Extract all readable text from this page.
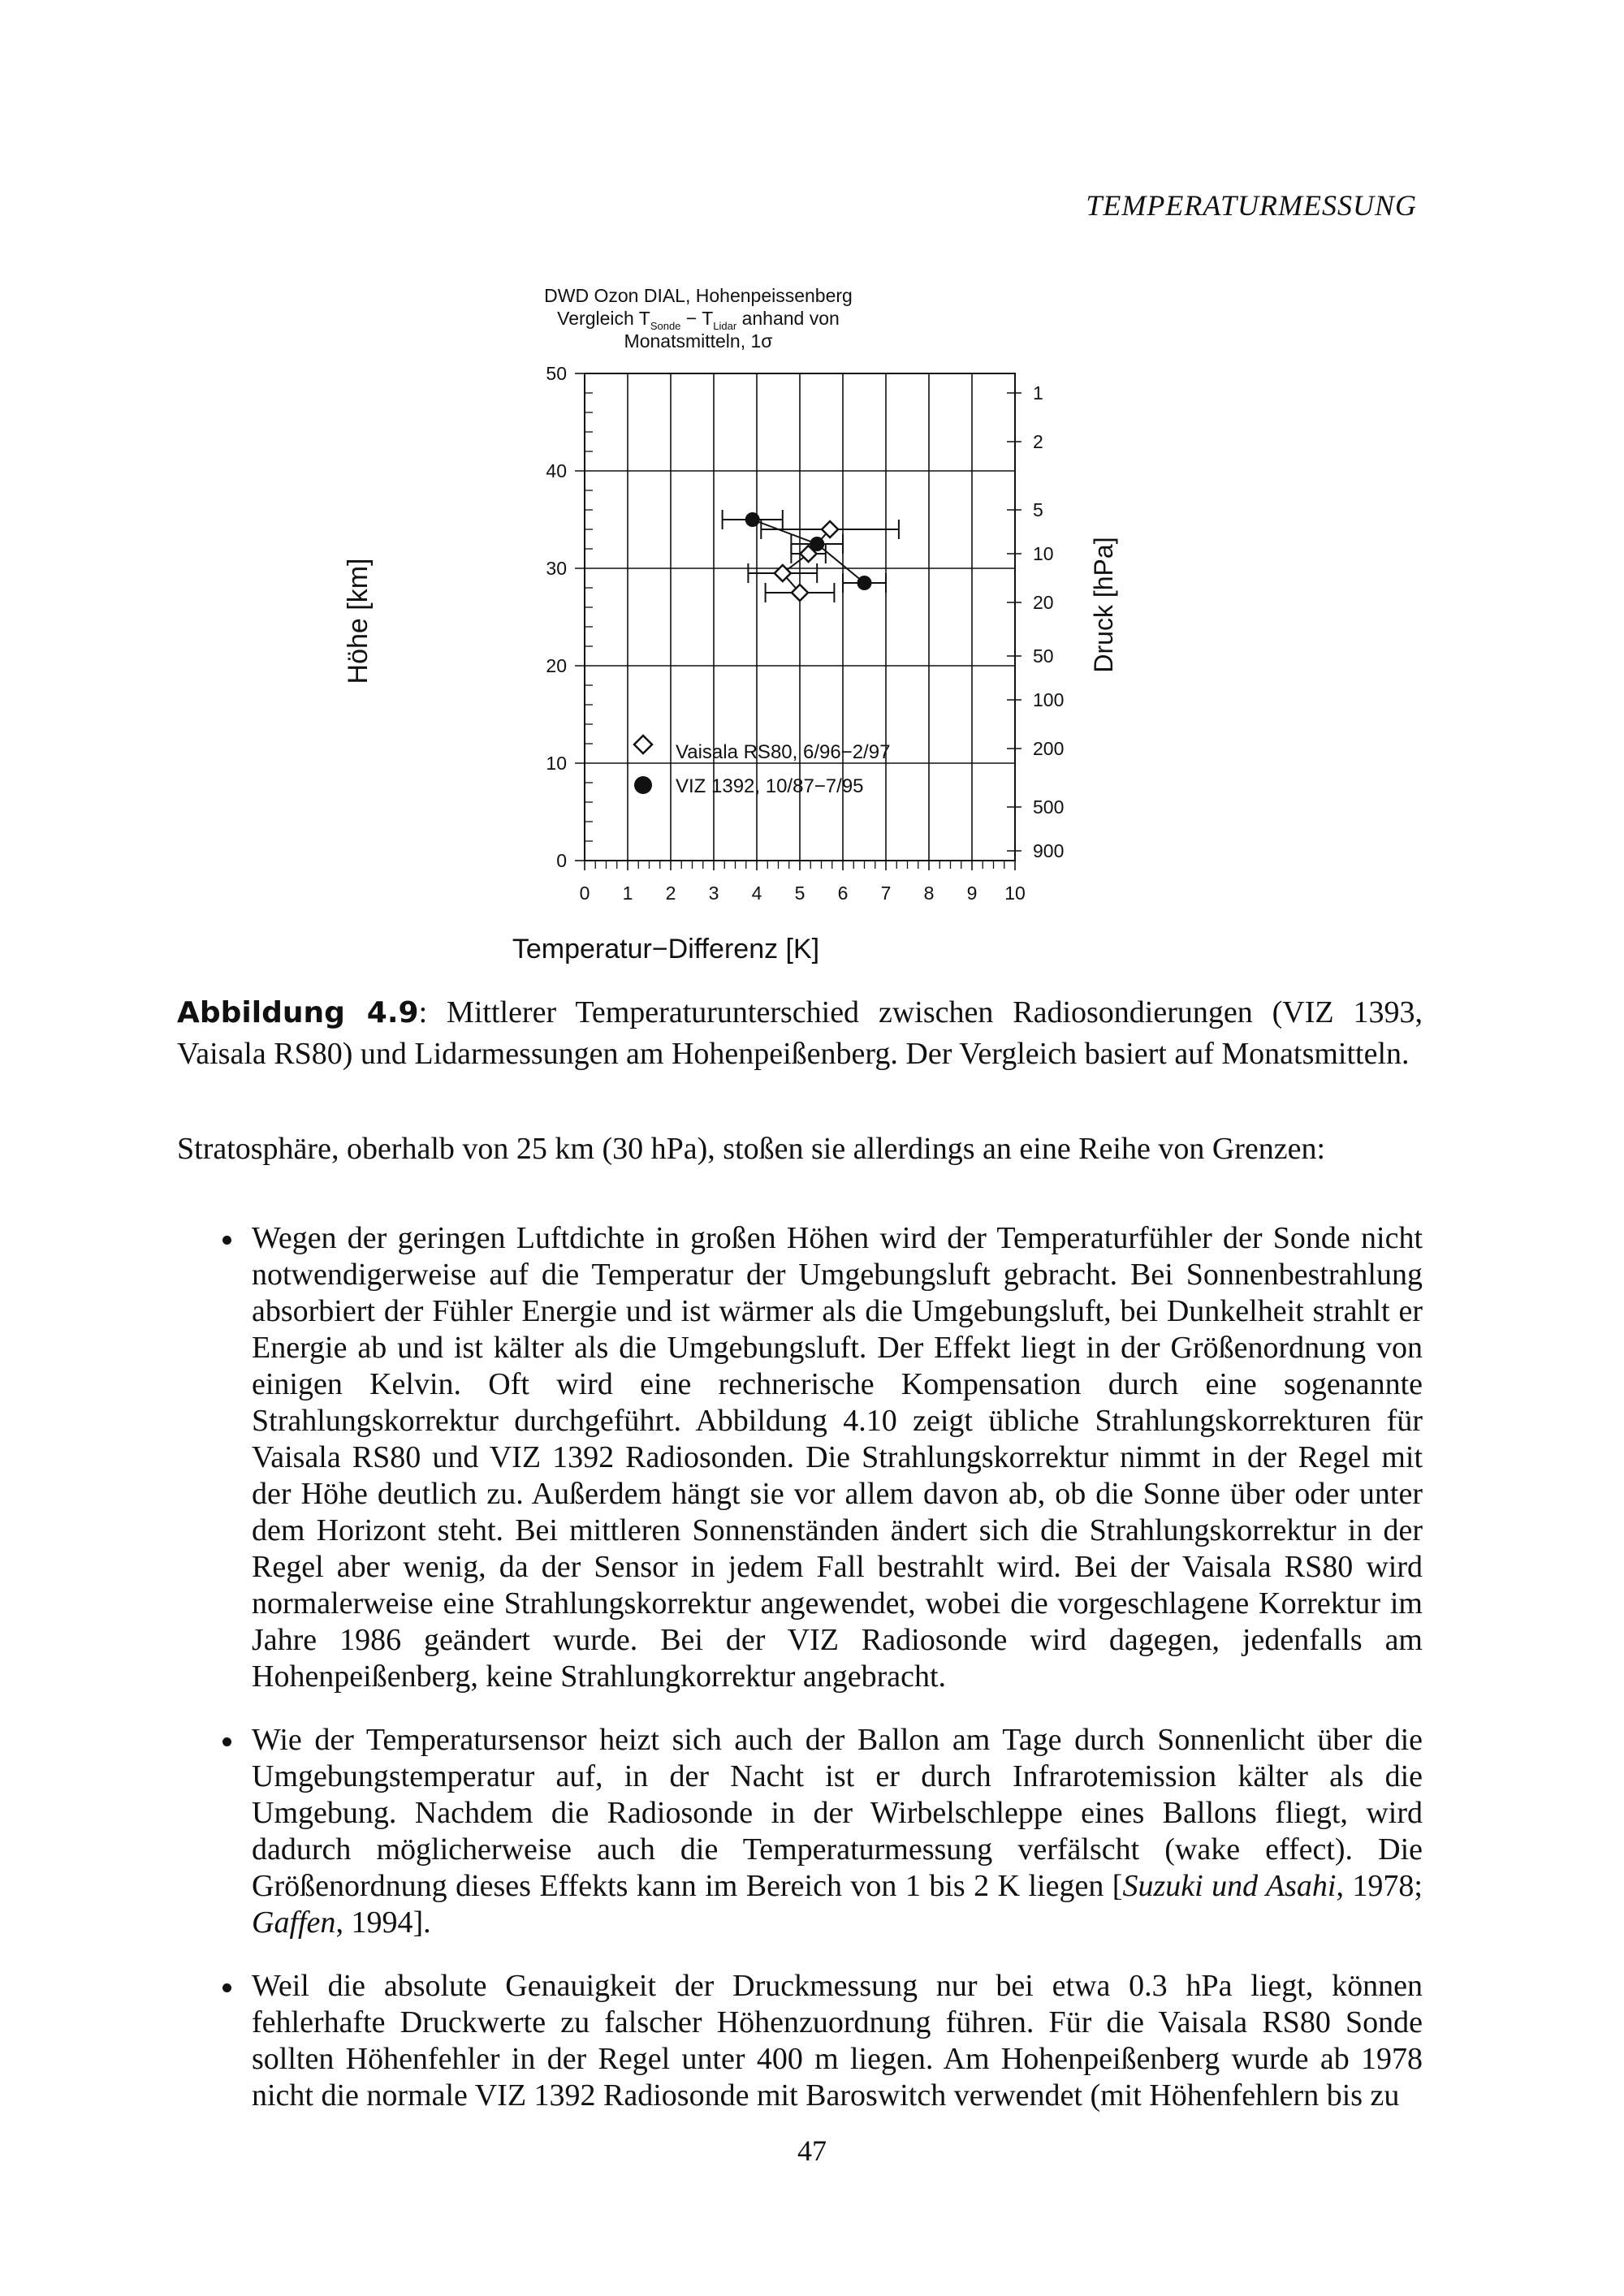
TEMPERATURMESSUNG
DWD Ozon DIAL, Hohenpeissenberg
Vergleich $T_{Sonde} - T_{Lidar}$ anhand von
Monatsmitteln, 1σ
0 1 2 3 4 5 6 7 8 9 10
0
10
20
30
40
50
1
2
5
10
20
50
100
200
500
900
Vaisala RS80, 6/96−2/97
VIZ 1392, 10/87−7/95
Temperatur−Differenz [K]
Höhe [km]	Druck [hPa]
Abbildung 4.9: Mittlerer Temperaturunterschied zwischen Radiosondierungen (VIZ 1393, Vaisala RS80) und Lidarmessungen am Hohenpeißenberg. Der Vergleich basiert auf Monatsmitteln.
Stratosphäre, oberhalb von 25 km (30 hPa), stoßen sie allerdings an eine Reihe von Grenzen:
Wegen der geringen Luftdichte in großen Höhen wird der Temperaturfühler der Sonde nicht notwendigerweise auf die Temperatur der Umgebungsluft gebracht. Bei Sonnenbestrahlung absorbiert der Fühler Energie und ist wärmer als die Umgebungsluft, bei Dunkelheit strahlt er Energie ab und ist kälter als die Umgebungsluft. Der Effekt liegt in der Größenordnung von einigen Kelvin. Oft wird eine rechnerische Kompensation durch eine sogenannte Strahlungskorrektur durchgeführt. Abbildung 4.10 zeigt übliche Strahlungskorrekturen für Vaisala RS80 und VIZ 1392 Radiosonden. Die Strahlungskorrektur nimmt in der Regel mit der Höhe deutlich zu. Außerdem hängt sie vor allem davon ab, ob die Sonne über oder unter dem Horizont steht. Bei mittleren Sonnenständen ändert sich die Strahlungskorrektur in der Regel aber wenig, da der Sensor in jedem Fall bestrahlt wird. Bei der Vaisala RS80 wird normalerweise eine Strahlungskorrektur angewendet, wobei die vorgeschlagene Korrektur im Jahre 1986 geändert wurde. Bei der VIZ Radiosonde wird dagegen, jedenfalls am Hohenpeißenberg, keine Strahlungkorrektur angebracht.
Wie der Temperatursensor heizt sich auch der Ballon am Tage durch Sonnenlicht über die Umgebungstemperatur auf, in der Nacht ist er durch Infrarotemission kälter als die Umgebung. Nachdem die Radiosonde in der Wirbelschleppe eines Ballons fliegt, wird dadurch möglicherweise auch die Temperaturmessung verfälscht (wake effect). Die Größenordnung dieses Effekts kann im Bereich von 1 bis 2 K liegen [Suzuki und Asahi, 1978; Gaffen, 1994].
Weil die absolute Genauigkeit der Druckmessung nur bei etwa 0.3 hPa liegt, können fehlerhafte Druckwerte zu falscher Höhenzuordnung führen. Für die Vaisala RS80 Sonde sollten Höhenfehler in der Regel unter 400 m liegen. Am Hohenpeißenberg wurde ab 1978 nicht die normale VIZ 1392 Radiosonde mit Baroswitch verwendet (mit Höhenfehlern bis zu
47
